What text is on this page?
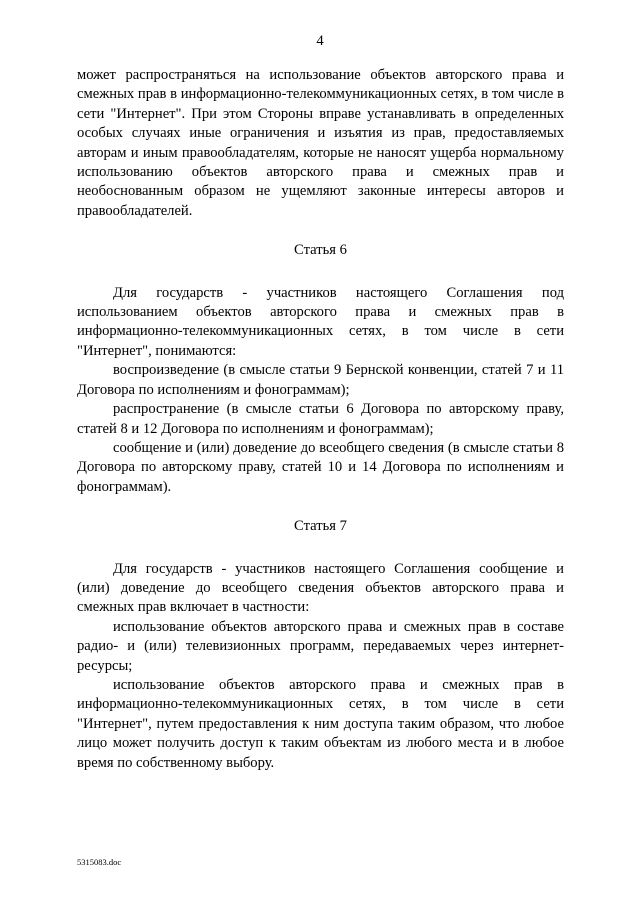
4

может распространяться на использование объектов авторского права и смежных прав в информационно-телекоммуникационных сетях, в том числе в сети "Интернет". При этом Стороны вправе устанавливать в определенных особых случаях иные ограничения и изъятия из прав, предоставляемых авторам и иным правообладателям, которые не наносят ущерба нормальному использованию объектов авторского права и смежных прав и необоснованным образом не ущемляют законные интересы авторов и правообладателей.

Статья 6

Для государств - участников настоящего Соглашения под использованием объектов авторского права и смежных прав в информационно-телекоммуникационных сетях, в том числе в сети "Интернет", понимаются:

воспроизведение (в смысле статьи 9 Бернской конвенции, статей 7 и 11 Договора по исполнениям и фонограммам);

распространение (в смысле статьи 6 Договора по авторскому праву, статей 8 и 12 Договора по исполнениям и фонограммам);

сообщение и (или) доведение до всеобщего сведения (в смысле статьи 8 Договора по авторскому праву, статей 10 и 14 Договора по исполнениям и фонограммам).

Статья 7

Для государств - участников настоящего Соглашения сообщение и (или) доведение до всеобщего сведения объектов авторского права и смежных прав включает в частности:

использование объектов авторского права и смежных прав в составе радио- и (или) телевизионных программ, передаваемых через интернет-ресурсы;

использование объектов авторского права и смежных прав в информационно-телекоммуникационных сетях, в том числе в сети "Интернет", путем предоставления к ним доступа таким образом, что любое лицо может получить доступ к таким объектам из любого места и в любое время по собственному выбору.

5315083.doc
